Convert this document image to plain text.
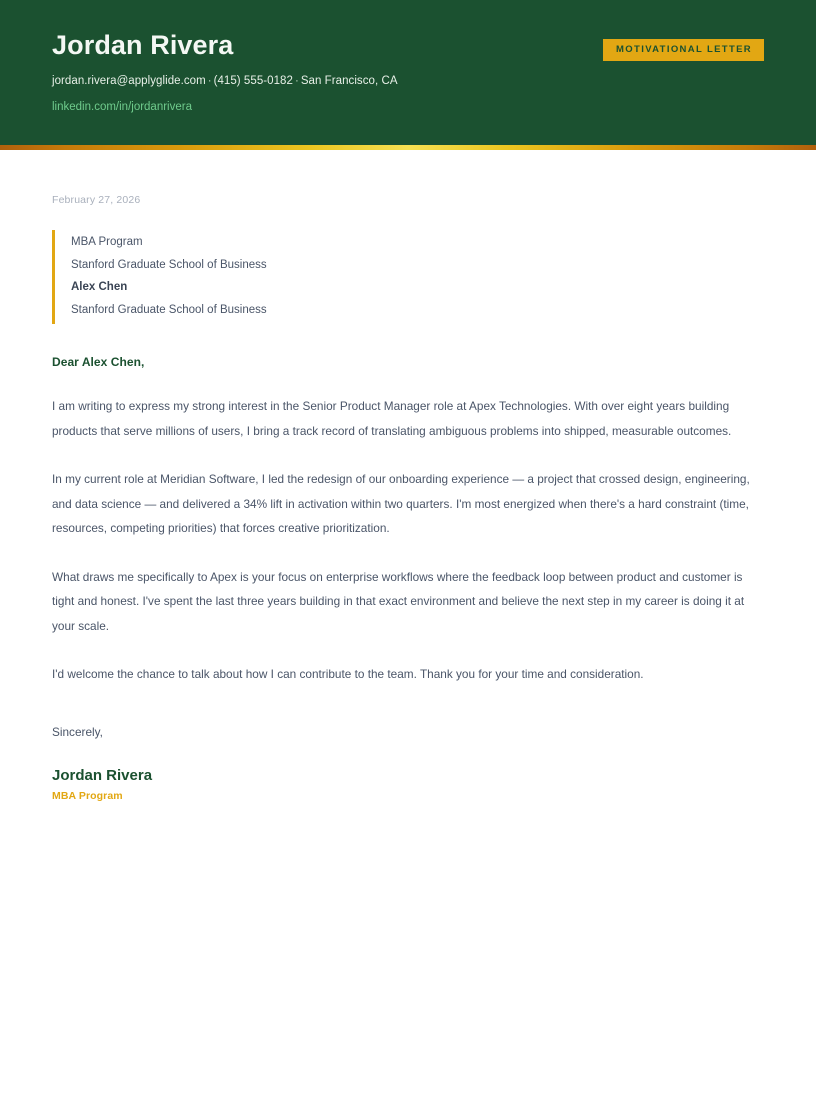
Jordan Rivera
jordan.rivera@applyglide.com · (415) 555-0182 · San Francisco, CA
linkedin.com/in/jordanrivera
MOTIVATIONAL LETTER
February 27, 2026
MBA Program
Stanford Graduate School of Business
Alex Chen
Stanford Graduate School of Business
Dear Alex Chen,

I am writing to express my strong interest in the Senior Product Manager role at Apex Technologies. With over eight years building products that serve millions of users, I bring a track record of translating ambiguous problems into shipped, measurable outcomes.

In my current role at Meridian Software, I led the redesign of our onboarding experience — a project that crossed design, engineering, and data science — and delivered a 34% lift in activation within two quarters. I'm most energized when there's a hard constraint (time, resources, competing priorities) that forces creative prioritization.

What draws me specifically to Apex is your focus on enterprise workflows where the feedback loop between product and customer is tight and honest. I've spent the last three years building in that exact environment and believe the next step in my career is doing it at your scale.

I'd welcome the chance to talk about how I can contribute to the team. Thank you for your time and consideration.

Sincerely,
Jordan Rivera
MBA Program
